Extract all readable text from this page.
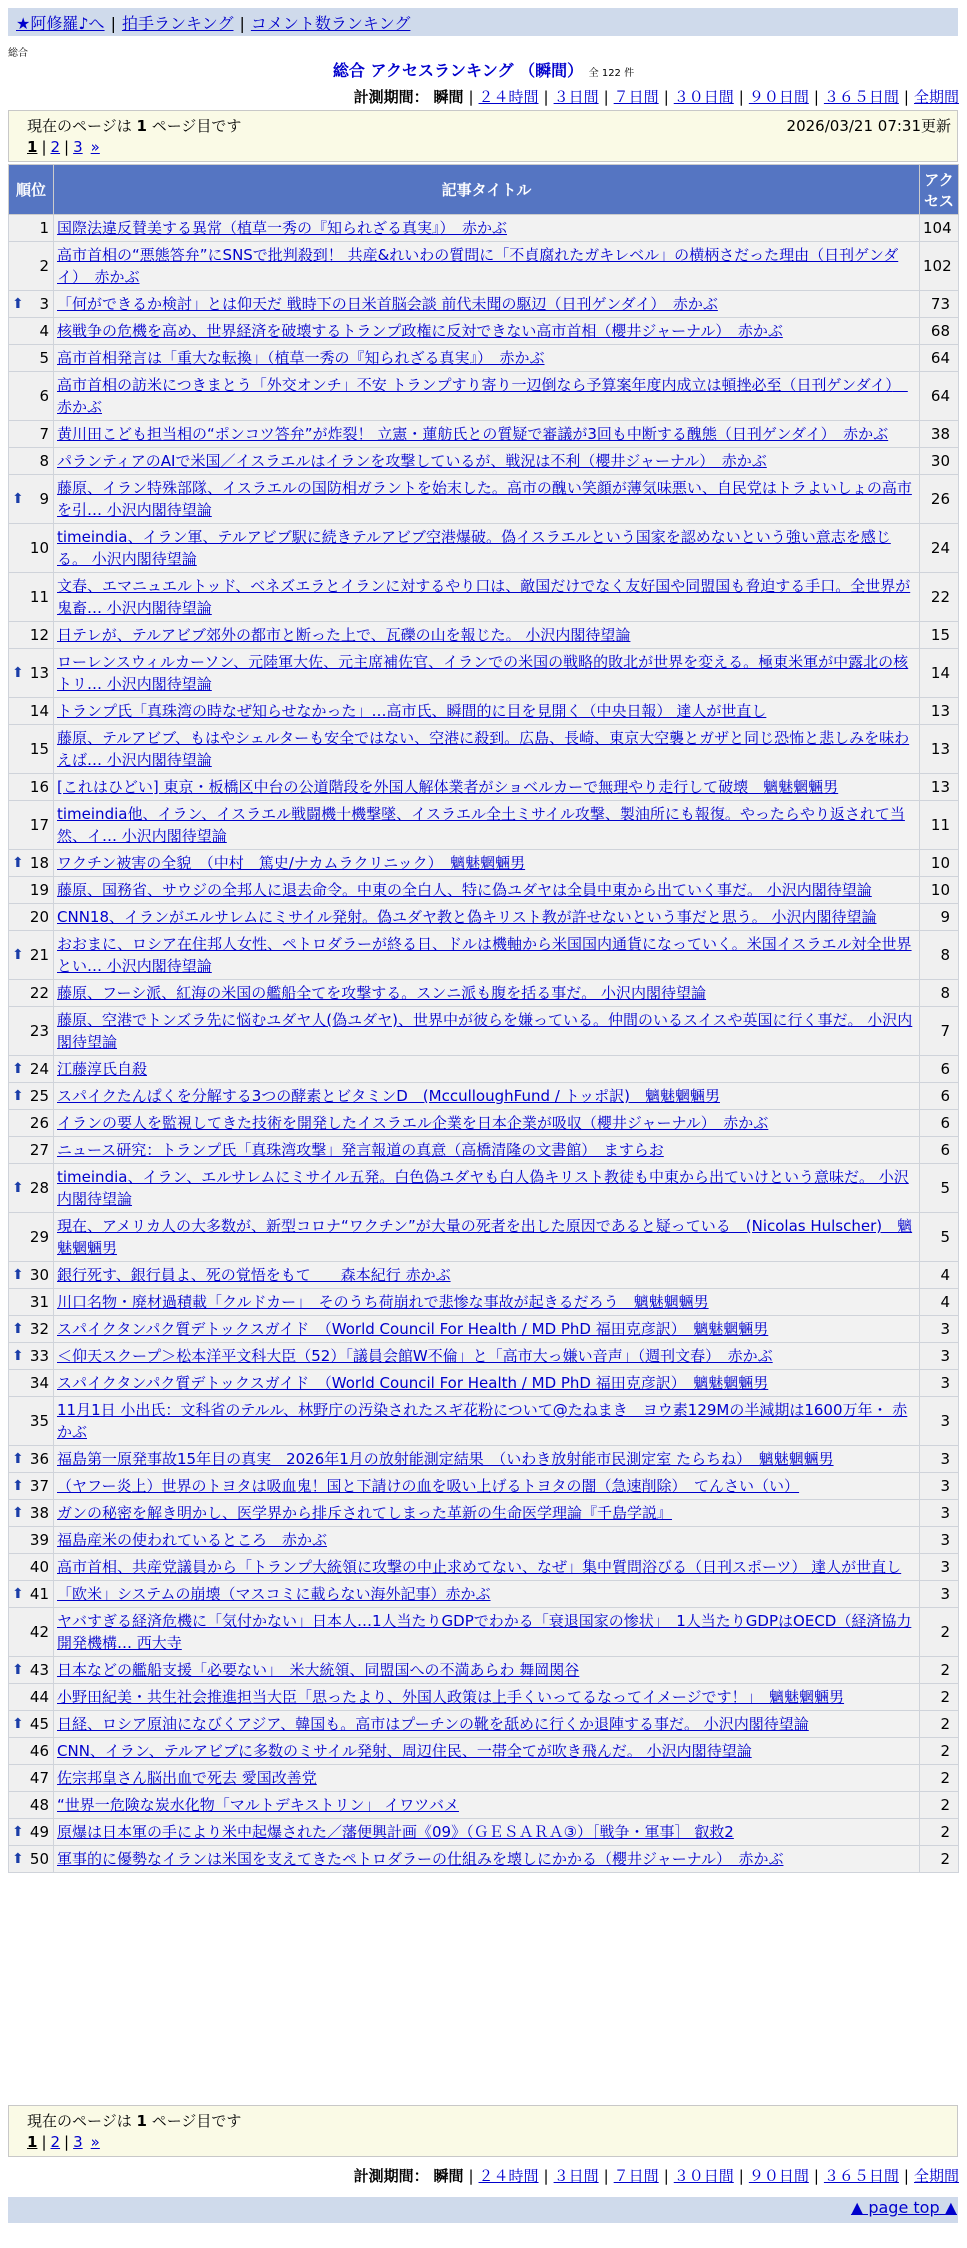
★阿修羅♪へ | 拍手ランキング | コメント数ランキング
総合
総合 アクセスランキング （瞬間） 全 122 件
計測期間： 瞬間 | ２４時間 | ３日間 | ７日間 | ３０日間 | ９０日間 | ３６５日間 | 全期間
現在のページは 1 ページ目です	2026/03/21 07:31更新
1 | 2 | 3 »
順位	記事タイトル	アクセス
1	国際法違反賛美する異常（植草一秀の『知られざる真実』）　赤かぶ	104
2	高市首相の“悪態答弁”にSNSで批判殺到！ 共産&れいわの質問に「不貞腐れたガキレベル」の横柄さだった理由（日刊ゲンダイ）　赤かぶ	102

⬆ 3	「何ができるか検討」とは仰天だ 戦時下の日米首脳会談 前代未聞の駆辺（日刊ゲンダイ）　赤かぶ	73
4	核戦争の危機を高め、世界経済を破壊するトランプ政権に反対できない高市首相（櫻井ジャーナル）　赤かぶ	68
5	高市首相発言は「重大な転換」（植草一秀の『知られざる真実』）　赤かぶ	64
6	高市首相の訪米につきまとう「外交オンチ」不安 トランプすり寄り一辺倒なら予算案年度内成立は頓挫必至（日刊ゲンダイ）　赤かぶ	64
7	黄川田こども担当相の“ポンコツ答弁”が炸裂！ 立憲・蓮舫氏との質疑で審議が3回も中断する醜態（日刊ゲンダイ）　赤かぶ	38
8	パランティアのAIで米国／イスラエルはイランを攻撃しているが、戦況は不利（櫻井ジャーナル）　赤かぶ	30

⬆ 9	藤原、イラン特殊部隊、イスラエルの国防相ガラントを始末した。高市の醜い笑顔が薄気味悪い、自民党はトラよいしょの高市を引… 小沢内閣待望論	26
10	timeindia、イラン軍、テルアビブ駅に続きテルアビブ空港爆破。偽イスラエルという国家を認めないという強い意志を感じる。 小沢内閣待望論	24
11	文春、エマニュエルトッド、ベネズエラとイランに対するやり口は、敵国だけでなく友好国や同盟国も脅迫する手口。全世界が鬼畜… 小沢内閣待望論	22
12	日テレが、テルアビブ郊外の都市と断った上で、瓦礫の山を報じた。 小沢内閣待望論	15

⬆ 13	ローレンスウィルカーソン、元陸軍大佐、元主席補佐官、イランでの米国の戦略的敗北が世界を変える。極東米軍が中露北の核トリ… 小沢内閣待望論	14
14	トランプ氏「真珠湾の時なぜ知らせなかった」…高市氏、瞬間的に目を見開く（中央日報） 達人が世直し	13
15	藤原、テルアビブ、もはやシェルターも安全ではない、空港に殺到。広島、長崎、東京大空襲とガザと同じ恐怖と悲しみを味わえば… 小沢内閣待望論	13
16	[これはひどい] 東京・板橋区中台の公道階段を外国人解体業者がショベルカーで無理やり走行して破壊　魑魅魍魎男	13
17	timeindia他、イラン、イスラエル戦闘機十機撃墜、イスラエル全土ミサイル攻撃、製油所にも報復。やったらやり返されて当然、イ… 小沢内閣待望論	11

⬆ 18	ワクチン被害の全貌　（中村　篤史/ナカムラクリニック）　魑魅魍魎男	10
19	藤原、国務省、サウジの全邦人に退去命令。中東の全白人、特に偽ユダヤは全員中東から出ていく事だ。 小沢内閣待望論	10
20	CNN18、イランがエルサレムにミサイル発射。偽ユダヤ教と偽キリスト教が許せないという事だと思う。 小沢内閣待望論	9

⬆ 21	おおまに、ロシア在住邦人女性、ペトロダラーが終る日、ドルは機軸から米国国内通貨になっていく。米国イスラエル対全世界とい… 小沢内閣待望論	8
22	藤原、フーシ派、紅海の米国の艦船全てを攻撃する。スンニ派も腹を括る事だ。 小沢内閣待望論	8
23	藤原、空港でトンズラ先に悩むユダヤ人(偽ユダヤ)、世界中が彼らを嫌っている。仲間のいるスイスや英国に行く事だ。 小沢内閣待望論	7

⬆ 24	江藤淳氏自殺	6

⬆ 25	スパイクたんぱくを分解する3つの酵素とビタミンD　(McculloughFund / トッポ訳)　魑魅魍魎男	6
26	イランの要人を監視してきた技術を開発したイスラエル企業を日本企業が吸収（櫻井ジャーナル）　赤かぶ	6
27	ニュース研究：トランプ氏「真珠湾攻撃」発言報道の真意（高橋清隆の文書館）　ますらお	6

⬆ 28	timeindia、イラン、エルサレムにミサイル五発。白色偽ユダヤも白人偽キリスト教徒も中東から出ていけという意味だ。 小沢内閣待望論	5
29	現在、アメリカ人の大多数が、新型コロナ“ワクチン”が大量の死者を出した原因であると疑っている　(Nicolas Hulscher)　魑魅魍魎男	5

⬆ 30	銀行死す、銀行員よ、死の覚悟をもて　　森本紀行 赤かぶ	4
31	川口名物・廃材過積載「クルドカー」　そのうち荷崩れで悲惨な事故が起きるだろう　魑魅魍魎男	4

⬆ 32	スパイクタンパク質デトックスガイド　（World Council For Health / MD PhD 福田克彦訳）　魑魅魍魎男	3

⬆ 33	＜仰天スクープ＞松本洋平文科大臣（52）「議員会館W不倫」と「高市大っ嫌い音声」（週刊文春）　赤かぶ	3
34	スパイクタンパク質デトックスガイド　（World Council For Health / MD PhD 福田克彦訳）　魑魅魍魎男	3
35	11月1日 小出氏：文科省のテルル、林野庁の汚染されたスギ花粉について@たねまき　ヨウ素129Mの半減期は1600万年・ 赤かぶ	3

⬆ 36	福島第一原発事故15年目の真実　2026年1月の放射能測定結果　（いわき放射能市民測定室 たらちね）　魑魅魍魎男	3

⬆ 37	（ヤフー炎上）世界のトヨタは吸血鬼！国と下請けの血を吸い上げるトヨタの闇（急速削除）　てんさい（い）	3

⬆ 38	ガンの秘密を解き明かし、医学界から排斥されてしまった革新の生命医学理論『千島学説』	3
39	福島産米の使われているところ　赤かぶ	3
40	高市首相、共産党議員から「トランプ大統領に攻撃の中止求めてない、なぜ」集中質問浴びる（日刊スポーツ） 達人が世直し	3

⬆ 41	「欧米」システムの崩壊（マスコミに載らない海外記事）赤かぶ	3
42	ヤバすぎる経済危機に「気付かない」日本人…1人当たりGDPでわかる「衰退国家の惨状」　1人当たりGDPはOECD（経済協力開発機構… 西大寺	2

⬆ 43	日本などの艦船支援「必要ない」　米大統領、同盟国への不満あらわ 舞岡関谷	2
44	小野田紀美・共生社会推進担当大臣「思ったより、外国人政策は上手くいってるなってイメージです！」　魑魅魍魎男	2

⬆ 45	日経、ロシア原油になびくアジア、韓国も。高市はプーチンの靴を舐めに行くか退陣する事だ。 小沢内閣待望論	2
46	CNN、イラン、テルアビブに多数のミサイル発射、周辺住民、一帯全てが吹き飛んだ。 小沢内閣待望論	2
47	佐宗邦皇さん脳出血で死去 愛国改善党	2
48	“世界一危険な炭水化物「マルトデキストリン」 イワツバメ	2

⬆ 49	原爆は日本軍の手により米中起爆された／藩便興計画《09》（ＧＥＳＡＲＡ③）［戦争・軍事］ 叡救2	2

⬆ 50	軍事的に優勢なイランは米国を支えてきたペトロダラーの仕組みを壊しにかかる（櫻井ジャーナル）　赤かぶ	2
現在のページは 1 ページ目です
1 | 2 | 3 »
計測期間： 瞬間 | ２４時間 | ３日間 | ７日間 | ３０日間 | ９０日間 | ３６５日間 | 全期間
▲ page top ▲
